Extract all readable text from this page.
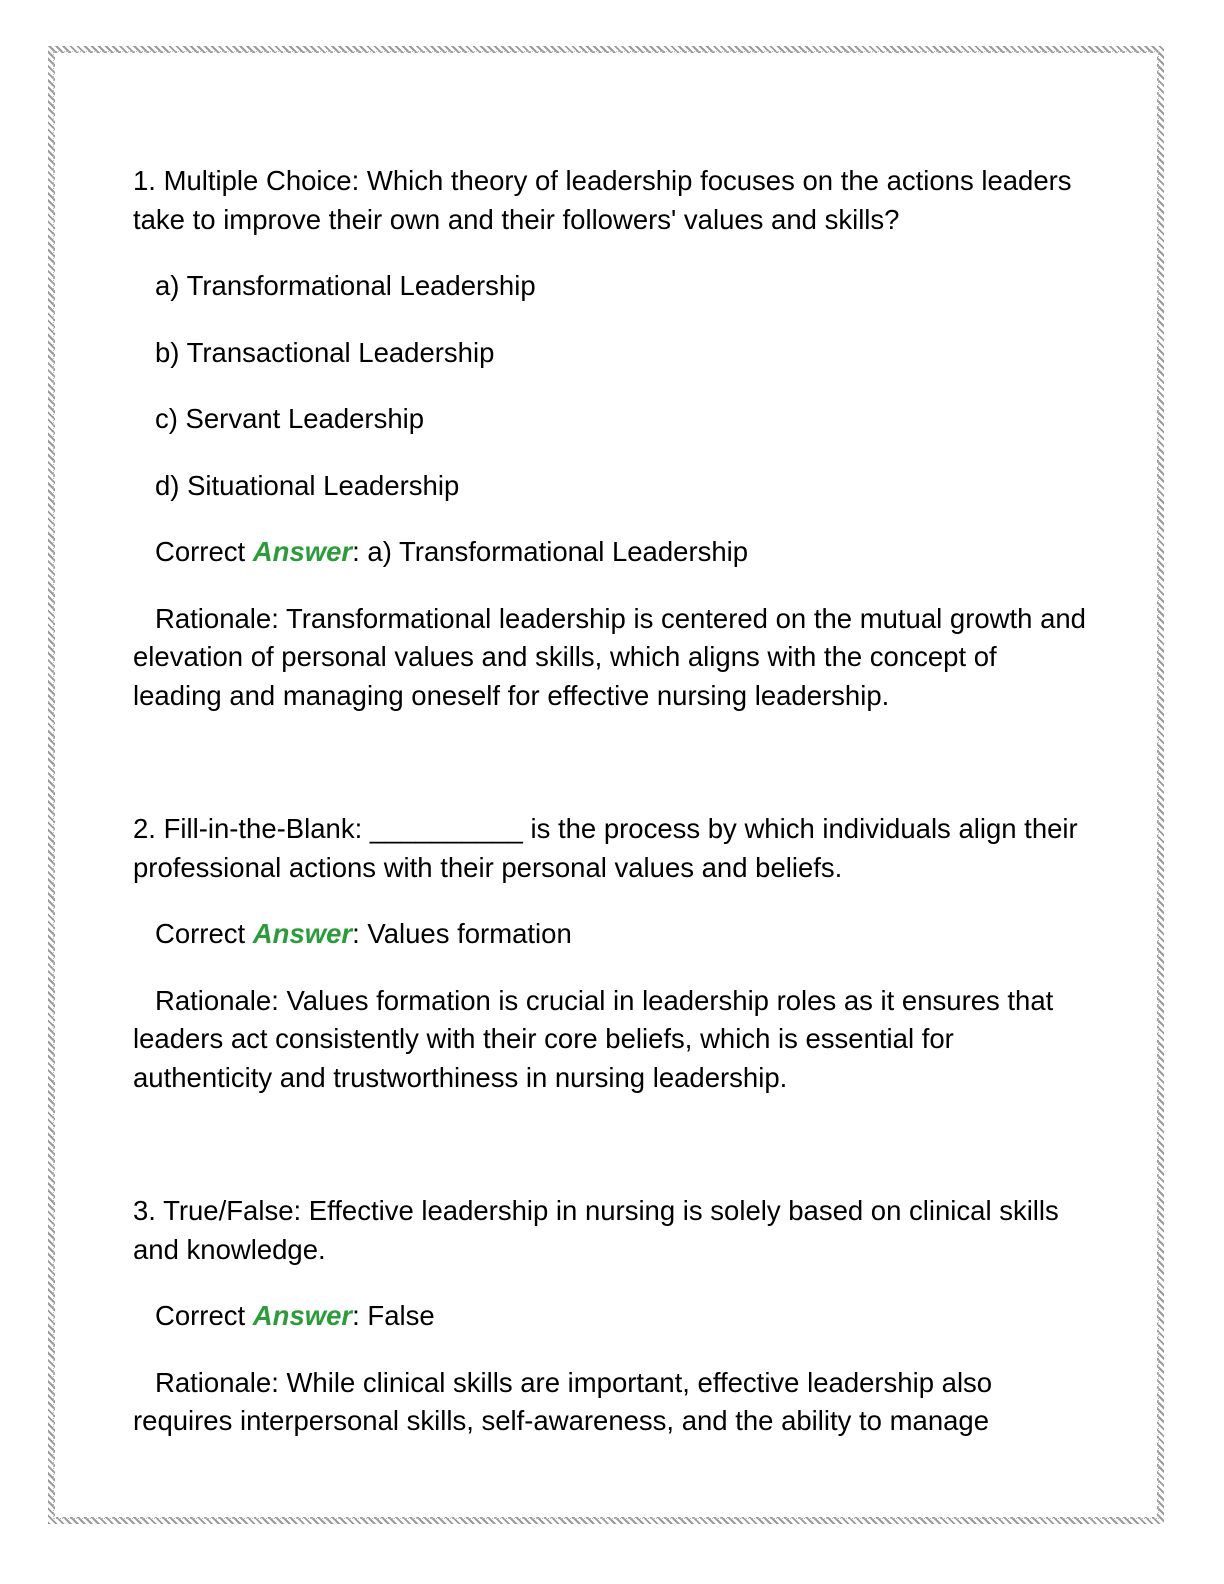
1. Multiple Choice: Which theory of leadership focuses on the actions leaders take to improve their own and their followers' values and skills?

a) Transformational Leadership

b) Transactional Leadership

c) Servant Leadership

d) Situational Leadership

Correct Answer: a) Transformational Leadership

Rationale: Transformational leadership is centered on the mutual growth and elevation of personal values and skills, which aligns with the concept of leading and managing oneself for effective nursing leadership.

2. Fill-in-the-Blank: __________ is the process by which individuals align their professional actions with their personal values and beliefs.

Correct Answer: Values formation

Rationale: Values formation is crucial in leadership roles as it ensures that leaders act consistently with their core beliefs, which is essential for authenticity and trustworthiness in nursing leadership.

3. True/False: Effective leadership in nursing is solely based on clinical skills and knowledge.

Correct Answer: False

Rationale: While clinical skills are important, effective leadership also requires interpersonal skills, self-awareness, and the ability to manage
